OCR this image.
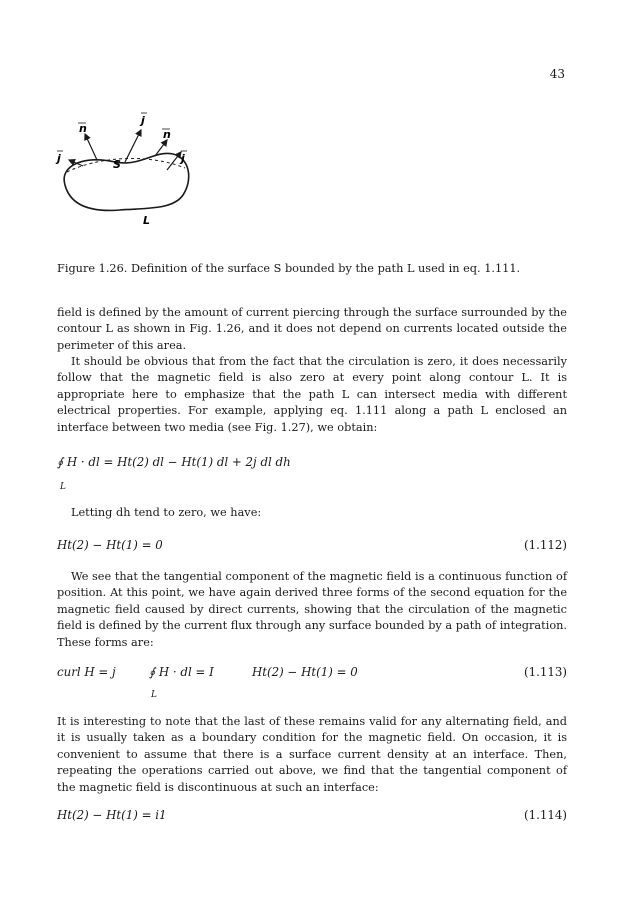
43
n
j
n
j	S	j
L
Figure 1.26. Definition of the surface S bounded by the path L used in eq. 1.111.
field is defined by the amount of current piercing through the surface surrounded by the contour L as shown in Fig. 1.26, and it does not depend on currents located outside the perimeter of this area.
It should be obvious that from the fact that the circulation is zero, it does necessarily follow that the magnetic field is also zero at every point along contour L. It is appropriate here to emphasize that the path L can intersect media with different electrical properties. For example, applying eq. 1.111 along a path L enclosed an interface between two media (see Fig. 1.27), we obtain:
∮ H · dl = Ht(2) dl − Ht(1) dl + 2j dl dh
L
Letting dh tend to zero, we have:
Ht(2) − Ht(1) = 0	(1.112)
We see that the tangential component of the magnetic field is a continuous function of position. At this point, we have again derived three forms of the second equation for the magnetic field caused by direct currents, showing that the circulation of the magnetic field is defined by the current flux through any surface bounded by a path of integration. These forms are:
curl H = j	∮ H · dl = I	Ht(2) − Ht(1) = 0	(1.113)
L
It is interesting to note that the last of these remains valid for any alternating field, and it is usually taken as a boundary condition for the magnetic field. On occasion, it is convenient to assume that there is a surface current density at an interface. Then, repeating the operations carried out above, we find that the tangential component of the magnetic field is discontinuous at such an interface:
Ht(2) − Ht(1) = i1	(1.114)
